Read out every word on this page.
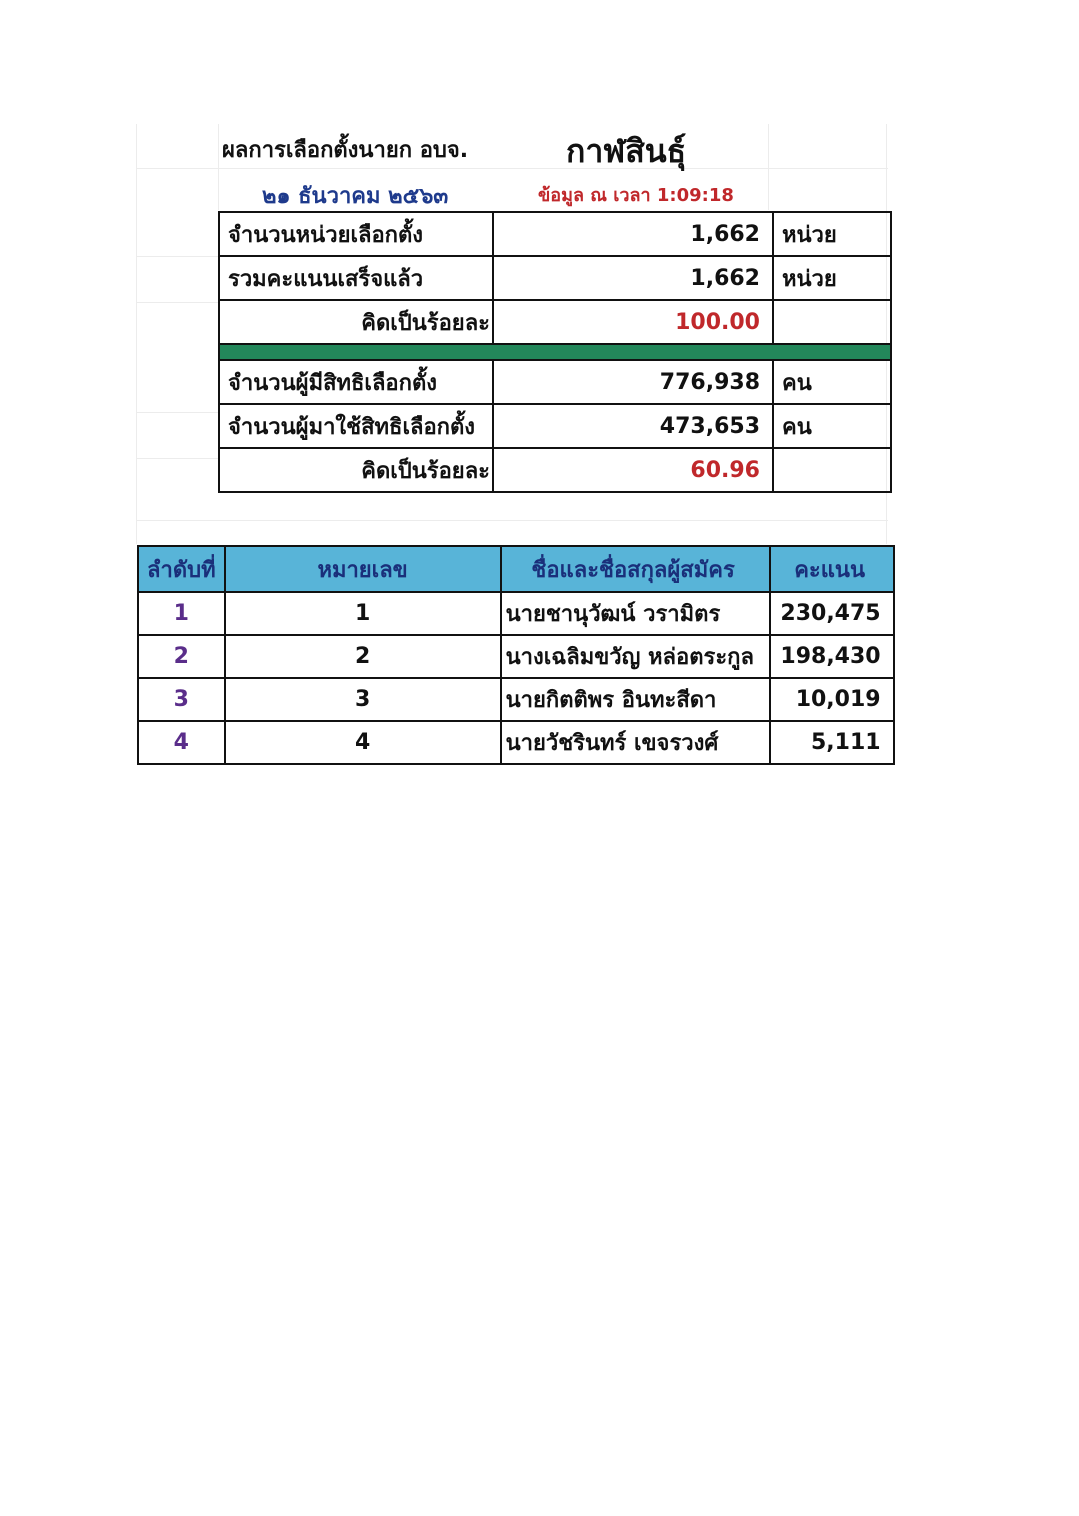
ผลการเลือกตั้งนายก อบจ.	กาฬสินธุ์
๒๑ ธันวาคม ๒๕๖๓	ข้อมูล ณ เวลา 1:09:18
จำนวนหน่วยเลือกตั้ง	1,662	หน่วย
รวมคะแนนเสร็จแล้ว	1,662	หน่วย
คิดเป็นร้อยละ	100.00	

จำนวนผู้มีสิทธิเลือกตั้ง	776,938	คน
จำนวนผู้มาใช้สิทธิเลือกตั้ง	473,653	คน
คิดเป็นร้อยละ	60.96	
ลำดับที่	หมายเลข	ชื่อและชื่อสกุลผู้สมัคร	คะแนน
1	1	นายชานุวัฒน์ วรามิตร	230,475
2	2	นางเฉลิมขวัญ หล่อตระกูล	198,430
3	3	นายกิตติพร อินทะสีดา	10,019
4	4	นายวัชรินทร์ เขจรวงศ์	5,111
